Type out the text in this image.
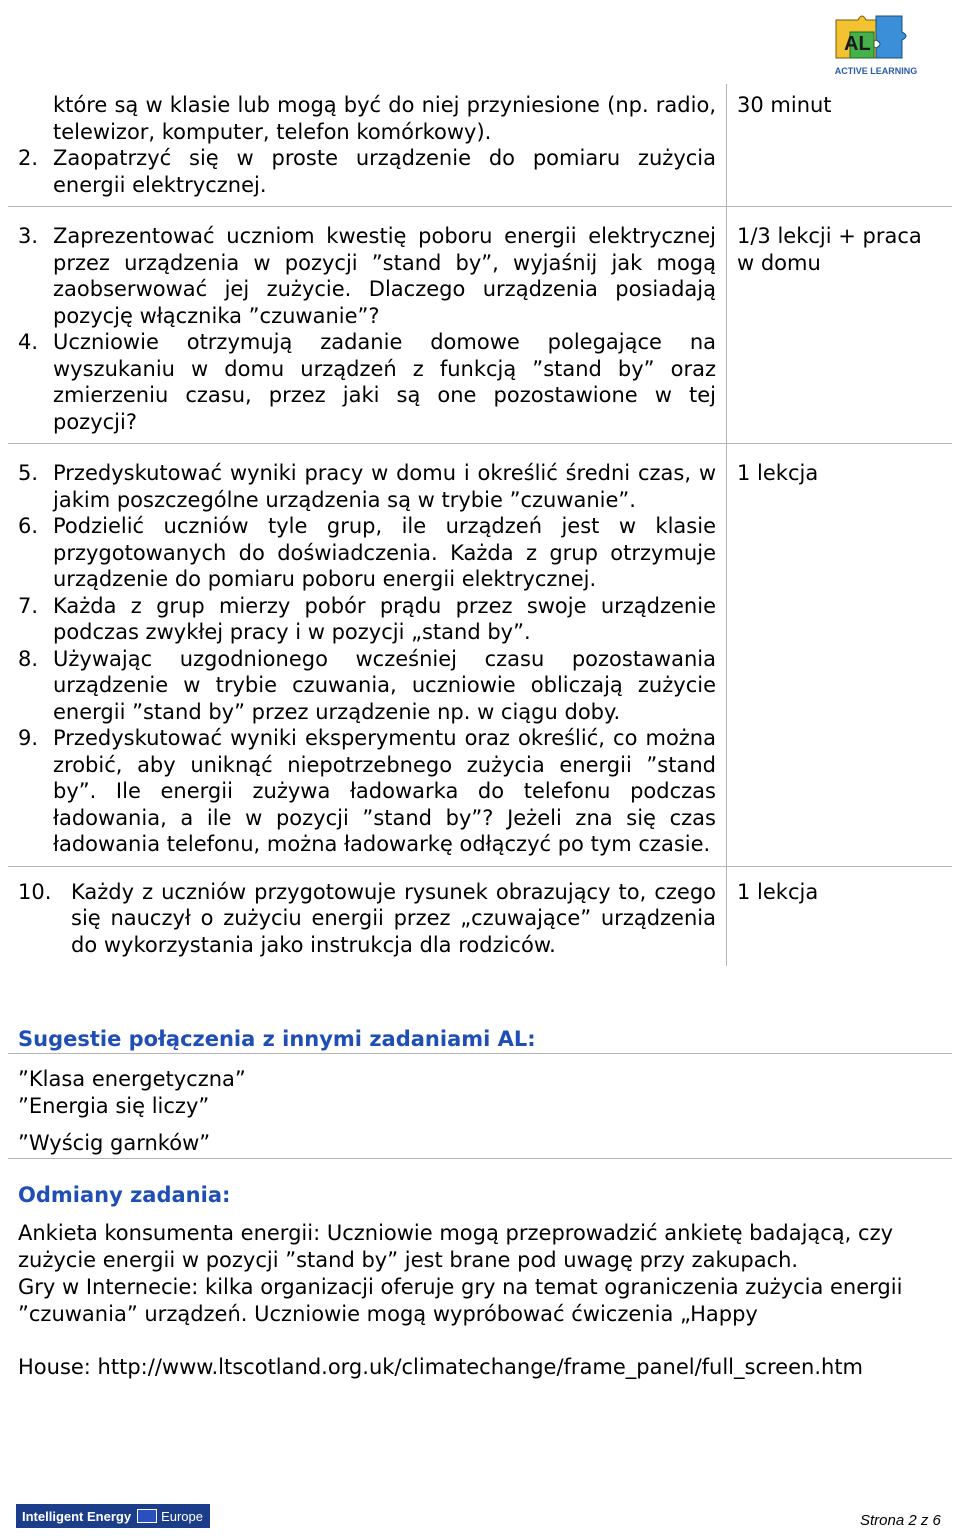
AL
ACTIVE LEARNING
które są w klasie lub mogą być do niej przyniesione (np. radio, telewizor, komputer, telefon komórkowy).
2. Zaopatrzyć się w proste urządzenie do pomiaru zużycia energii elektrycznej.
30 minut
3. Zaprezentować uczniom kwestię poboru energii elektrycznej przez urządzenia w pozycji ˮstand byˮ, wyjaśnij jak mogą zaobserwować jej zużycie. Dlaczego urządzenia posiadają pozycję włącznika ˮczuwanieˮ?
4. Uczniowie otrzymują zadanie domowe polegające na wyszukaniu w domu urządzeń z funkcją ˮstand byˮ oraz zmierzeniu czasu, przez jaki są one pozostawione w tej pozycji?
1/3 lekcji + praca w domu
5. Przedyskutować wyniki pracy w domu i określić średni czas, w jakim poszczególne urządzenia są w trybie ˮczuwanieˮ.
6. Podzielić uczniów tyle grup, ile urządzeń jest w klasie przygotowanych do doświadczenia. Każda z grup otrzymuje urządzenie do pomiaru poboru energii elektrycznej.
7. Każda z grup mierzy pobór prądu przez swoje urządzenie podczas zwykłej pracy i w pozycji „stand byˮ.
8. Używając uzgodnionego wcześniej czasu pozostawania urządzenie w trybie czuwania, uczniowie obliczają zużycie energii ˮstand byˮ przez urządzenie np. w ciągu doby.
9. Przedyskutować wyniki eksperymentu oraz określić, co można zrobić, aby uniknąć niepotrzebnego zużycia energii ˮstand byˮ. Ile energii zużywa ładowarka do telefonu podczas ładowania, a ile w pozycji ˮstand byˮ? Jeżeli zna się czas ładowania telefonu, można ładowarkę odłączyć po tym czasie.
1 lekcja
10. Każdy z uczniów przygotowuje rysunek obrazujący to, czego się nauczył o zużyciu energii przez „czuwająceˮ urządzenia do wykorzystania jako instrukcja dla rodziców.
1 lekcja
Sugestie połączenia z innymi zadaniami AL:
ˮKlasa energetycznaˮ
ˮEnergia się liczyˮ
ˮWyścig garnkówˮ
Odmiany zadania:
Ankieta konsumenta energii: Uczniowie mogą przeprowadzić ankietę badającą, czy zużycie energii w pozycji ˮstand byˮ jest brane pod uwagę przy zakupach.
Gry w Internecie: kilka organizacji oferuje gry na temat ograniczenia zużycia energii ˮczuwaniaˮ urządzeń. Uczniowie mogą wypróbować ćwiczenia „Happy
House: http://www.ltscotland.org.uk/climatechange/frame_panel/full_screen.htm
Intelligent Energy Europe	Strona 2 z 6
